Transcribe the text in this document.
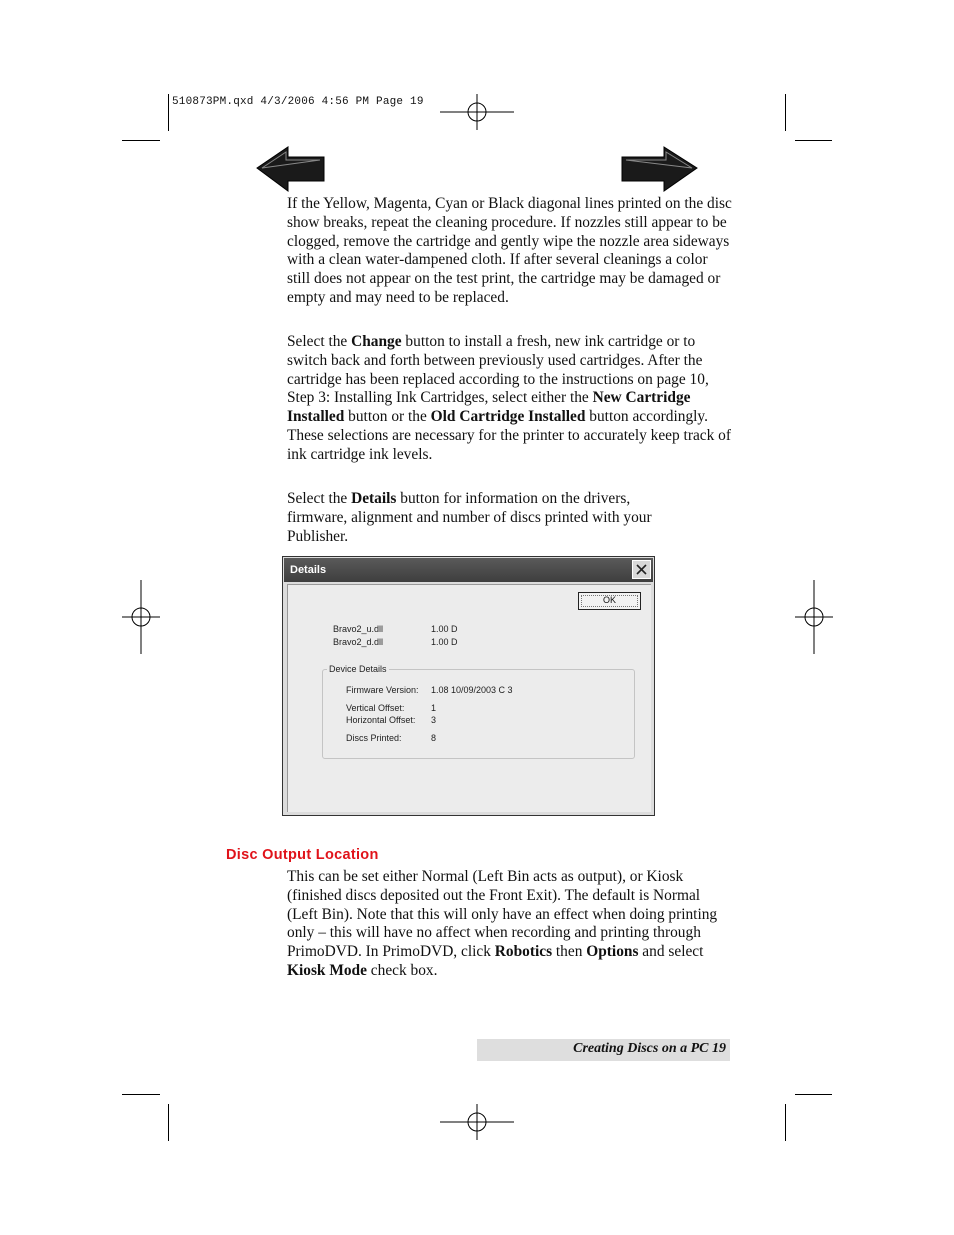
510873PM.qxd 4/3/2006 4:56 PM Page 19

If the Yellow, Magenta, Cyan or Black diagonal lines printed on the disc show breaks, repeat the cleaning procedure. If nozzles still appear to be clogged, remove the cartridge and gently wipe the nozzle area sideways with a clean water-dampened cloth. If after several cleanings a color still does not appear on the test print, the cartridge may be damaged or empty and may need to be replaced.

Select the Change button to install a fresh, new ink cartridge or to switch back and forth between previously used cartridges. After the cartridge has been replaced according to the instructions on page 10, Step 3: Installing Ink Cartridges, select either the New Cartridge Installed button or the Old Cartridge Installed button accordingly. These selections are necessary for the printer to accurately keep track of ink cartridge ink levels.

Select the Details button for information on the drivers, firmware, alignment and number of discs printed with your Publisher.

Details
OK
Bravo2_u.dll	1.00 D
Bravo2_d.dll	1.00 D
Device Details
Firmware Version: 1.08 10/09/2003 C 3
Vertical Offset:	1
Horizontal Offset: 3
Discs Printed:	8
Disc Output Location

This can be set either Normal (Left Bin acts as output), or Kiosk (finished discs deposited out the Front Exit). The default is Normal (Left Bin). Note that this will only have an effect when doing printing only – this will have no affect when recording and printing through PrimoDVD. In PrimoDVD, click Robotics then Options and select Kiosk Mode check box.

Creating Discs on a PC 19
